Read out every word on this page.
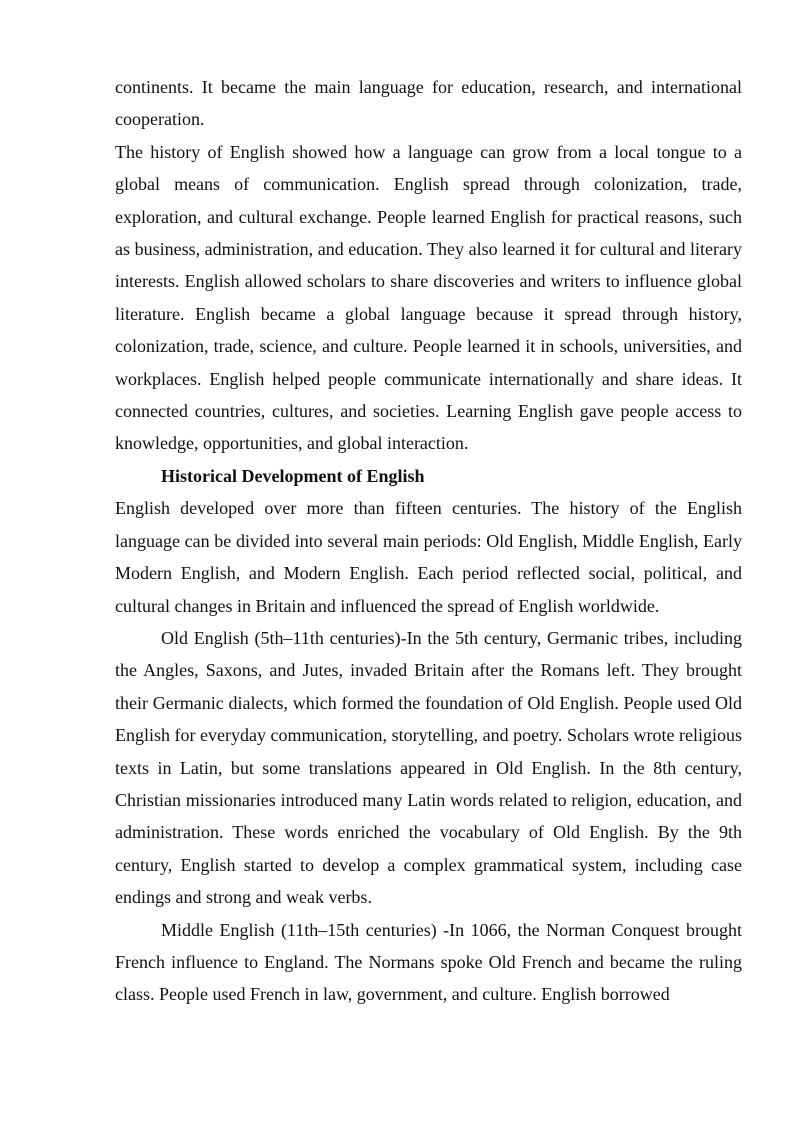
continents. It became the main language for education, research, and international cooperation.

The history of English showed how a language can grow from a local tongue to a global means of communication. English spread through colonization, trade, exploration, and cultural exchange. People learned English for practical reasons, such as business, administration, and education. They also learned it for cultural and literary interests. English allowed scholars to share discoveries and writers to influence global literature. English became a global language because it spread through history, colonization, trade, science, and culture. People learned it in schools, universities, and workplaces. English helped people communicate internationally and share ideas. It connected countries, cultures, and societies. Learning English gave people access to knowledge, opportunities, and global interaction.

Historical Development of English

English developed over more than fifteen centuries. The history of the English language can be divided into several main periods: Old English, Middle English, Early Modern English, and Modern English. Each period reflected social, political, and cultural changes in Britain and influenced the spread of English worldwide.

Old English (5th–11th centuries)-In the 5th century, Germanic tribes, including the Angles, Saxons, and Jutes, invaded Britain after the Romans left. They brought their Germanic dialects, which formed the foundation of Old English. People used Old English for everyday communication, storytelling, and poetry. Scholars wrote religious texts in Latin, but some translations appeared in Old English. In the 8th century, Christian missionaries introduced many Latin words related to religion, education, and administration. These words enriched the vocabulary of Old English. By the 9th century, English started to develop a complex grammatical system, including case endings and strong and weak verbs.

Middle English (11th–15th centuries) -In 1066, the Norman Conquest brought French influence to England. The Normans spoke Old French and became the ruling class. People used French in law, government, and culture. English borrowed
